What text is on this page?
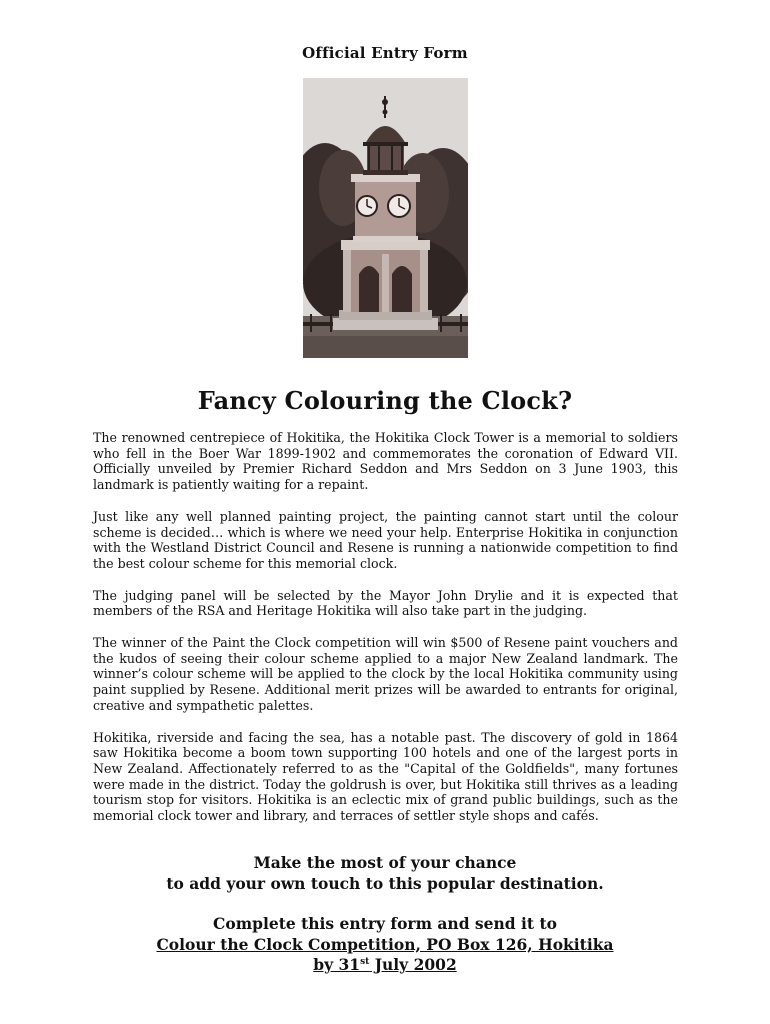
Official Entry Form
Fancy Colouring the Clock?

The renowned centrepiece of Hokitika, the Hokitika Clock Tower is a memorial to soldiers who fell in the Boer War 1899-1902 and commemorates the coronation of Edward VII. Officially unveiled by Premier Richard Seddon and Mrs Seddon on 3 June 1903, this landmark is patiently waiting for a repaint.

Just like any well planned painting project, the painting cannot start until the colour scheme is decided… which is where we need your help. Enterprise Hokitika in conjunction with the Westland District Council and Resene is running a nationwide competition to find the best colour scheme for this memorial clock.

The judging panel will be selected by the Mayor John Drylie and it is expected that members of the RSA and Heritage Hokitika will also take part in the judging.

The winner of the Paint the Clock competition will win $500 of Resene paint vouchers and the kudos of seeing their colour scheme applied to a major New Zealand landmark. The winner’s colour scheme will be applied to the clock by the local Hokitika community using paint supplied by Resene. Additional merit prizes will be awarded to entrants for original, creative and sympathetic palettes.

Hokitika, riverside and facing the sea, has a notable past. The discovery of gold in 1864 saw Hokitika become a boom town supporting 100 hotels and one of the largest ports in New Zealand. Affectionately referred to as the "Capital of the Goldfields", many fortunes were made in the district. Today the goldrush is over, but Hokitika still thrives as a leading tourism stop for visitors. Hokitika is an eclectic mix of grand public buildings, such as the memorial clock tower and library, and terraces of settler style shops and cafés.

Make the most of your chance
to add your own touch to this popular destination.
Complete this entry form and send it to
Colour the Clock Competition, PO Box 126, Hokitika
by 31st July 2002
